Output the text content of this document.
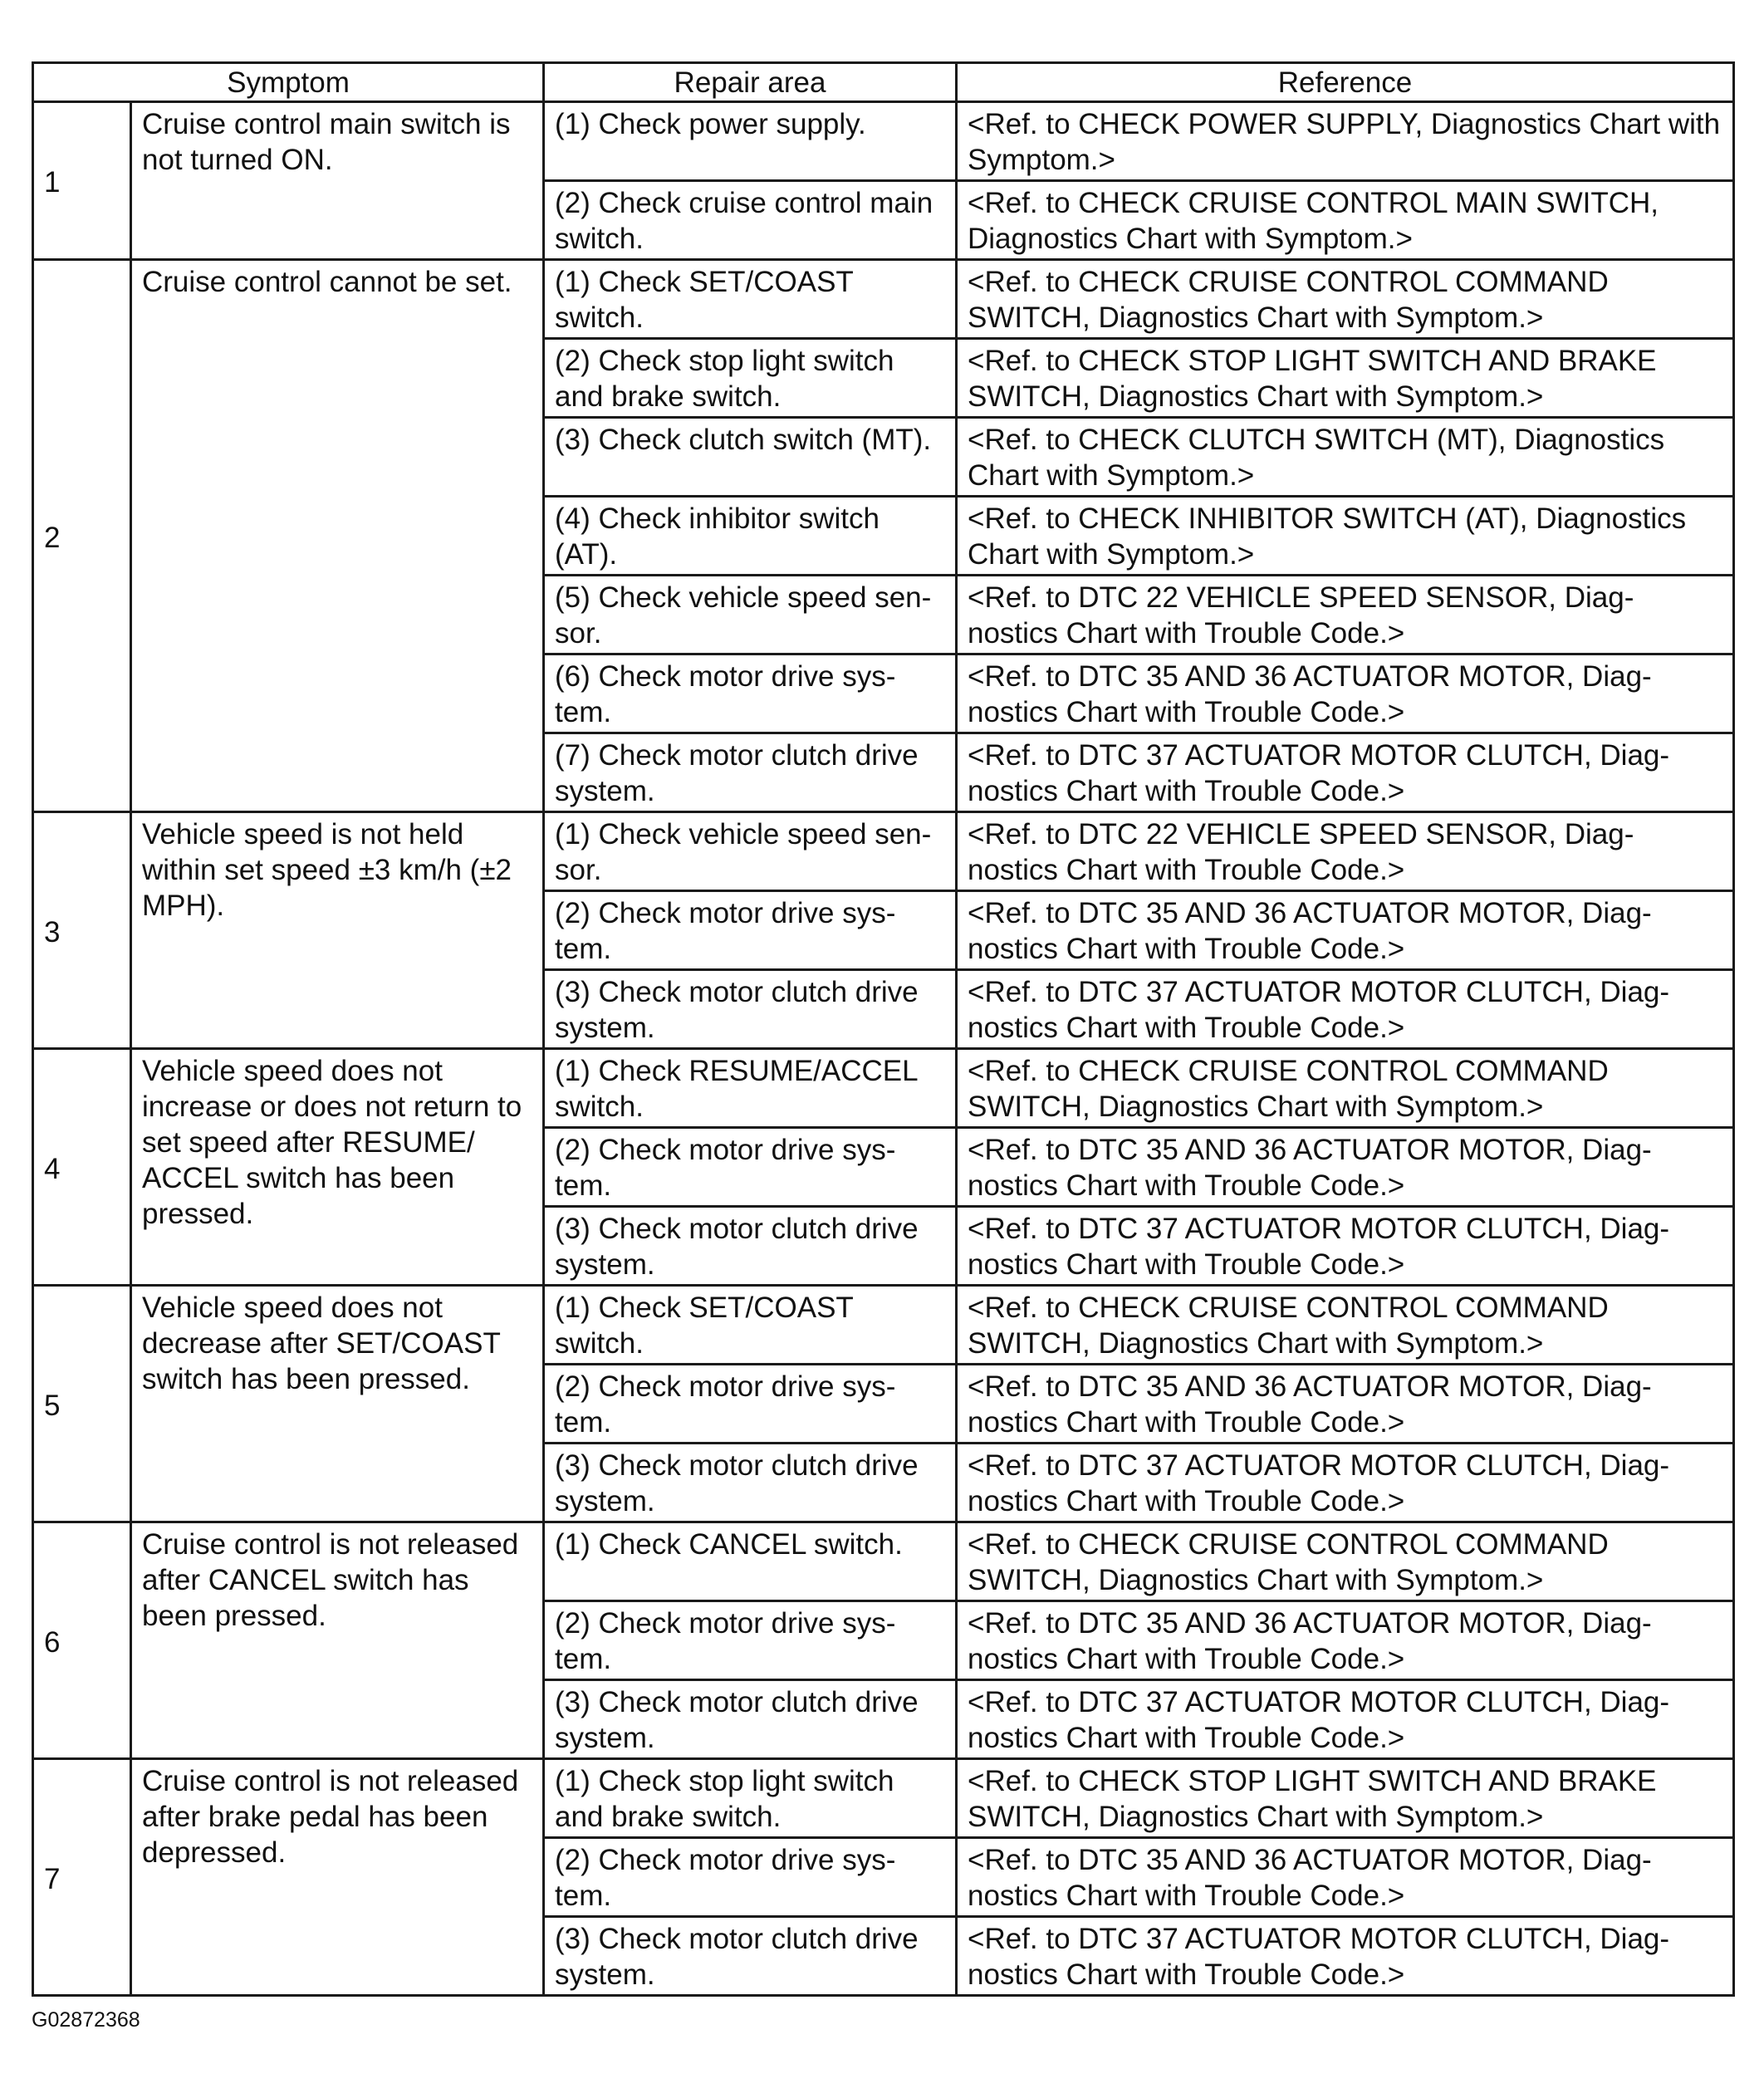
Symptom		Repair area	Reference
1	Cruise control main switch is not turned ON.	(1) Check power supply.	<Ref. to CHECK POWER SUPPLY, Diagnostics Chart with Symptom.>
		(2) Check cruise control main switch.	<Ref. to CHECK CRUISE CONTROL MAIN SWITCH, Diagnostics Chart with Symptom.>
2	Cruise control cannot be set.	(1) Check SET/COAST switch.	<Ref. to CHECK CRUISE CONTROL COMMAND SWITCH, Diagnostics Chart with Symptom.>
		(2) Check stop light switch and brake switch.	<Ref. to CHECK STOP LIGHT SWITCH AND BRAKE SWITCH, Diagnostics Chart with Symptom.>
		(3) Check clutch switch (MT).	<Ref. to CHECK CLUTCH SWITCH (MT), Diagnostics Chart with Symptom.>
		(4) Check inhibitor switch (AT).	<Ref. to CHECK INHIBITOR SWITCH (AT), Diagnostics Chart with Symptom.>
		(5) Check vehicle speed sen-sor.	<Ref. to DTC 22 VEHICLE SPEED SENSOR, Diag-nostics Chart with Trouble Code.>
		(6) Check motor drive sys-tem.	<Ref. to DTC 35 AND 36 ACTUATOR MOTOR, Diag-nostics Chart with Trouble Code.>
		(7) Check motor clutch drive system.	<Ref. to DTC 37 ACTUATOR MOTOR CLUTCH, Diag-nostics Chart with Trouble Code.>
3	Vehicle speed is not held within set speed ±3 km/h (±2 MPH).	(1) Check vehicle speed sen-sor.	<Ref. to DTC 22 VEHICLE SPEED SENSOR, Diag-nostics Chart with Trouble Code.>
		(2) Check motor drive sys-tem.	<Ref. to DTC 35 AND 36 ACTUATOR MOTOR, Diag-nostics Chart with Trouble Code.>
		(3) Check motor clutch drive system.	<Ref. to DTC 37 ACTUATOR MOTOR CLUTCH, Diag-nostics Chart with Trouble Code.>
4	Vehicle speed does not increase or does not return to set speed after RESUME/ ACCEL switch has been pressed.	(1) Check RESUME/ACCEL switch.	<Ref. to CHECK CRUISE CONTROL COMMAND SWITCH, Diagnostics Chart with Symptom.>
		(2) Check motor drive sys-tem.	<Ref. to DTC 35 AND 36 ACTUATOR MOTOR, Diag-nostics Chart with Trouble Code.>
		(3) Check motor clutch drive system.	<Ref. to DTC 37 ACTUATOR MOTOR CLUTCH, Diag-nostics Chart with Trouble Code.>
5	Vehicle speed does not decrease after SET/COAST switch has been pressed.	(1) Check SET/COAST switch.	<Ref. to CHECK CRUISE CONTROL COMMAND SWITCH, Diagnostics Chart with Symptom.>
		(2) Check motor drive sys-tem.	<Ref. to DTC 35 AND 36 ACTUATOR MOTOR, Diag-nostics Chart with Trouble Code.>
		(3) Check motor clutch drive system.	<Ref. to DTC 37 ACTUATOR MOTOR CLUTCH, Diag-nostics Chart with Trouble Code.>
6	Cruise control is not released after CANCEL switch has been pressed.	(1) Check CANCEL switch.	<Ref. to CHECK CRUISE CONTROL COMMAND SWITCH, Diagnostics Chart with Symptom.>
		(2) Check motor drive sys-tem.	<Ref. to DTC 35 AND 36 ACTUATOR MOTOR, Diag-nostics Chart with Trouble Code.>
		(3) Check motor clutch drive system.	<Ref. to DTC 37 ACTUATOR MOTOR CLUTCH, Diag-nostics Chart with Trouble Code.>
7	Cruise control is not released after brake pedal has been depressed.	(1) Check stop light switch and brake switch.	<Ref. to CHECK STOP LIGHT SWITCH AND BRAKE SWITCH, Diagnostics Chart with Symptom.>
		(2) Check motor drive sys-tem.	<Ref. to DTC 35 AND 36 ACTUATOR MOTOR, Diag-nostics Chart with Trouble Code.>
		(3) Check motor clutch drive system.	<Ref. to DTC 37 ACTUATOR MOTOR CLUTCH, Diag-nostics Chart with Trouble Code.>
G02872368
